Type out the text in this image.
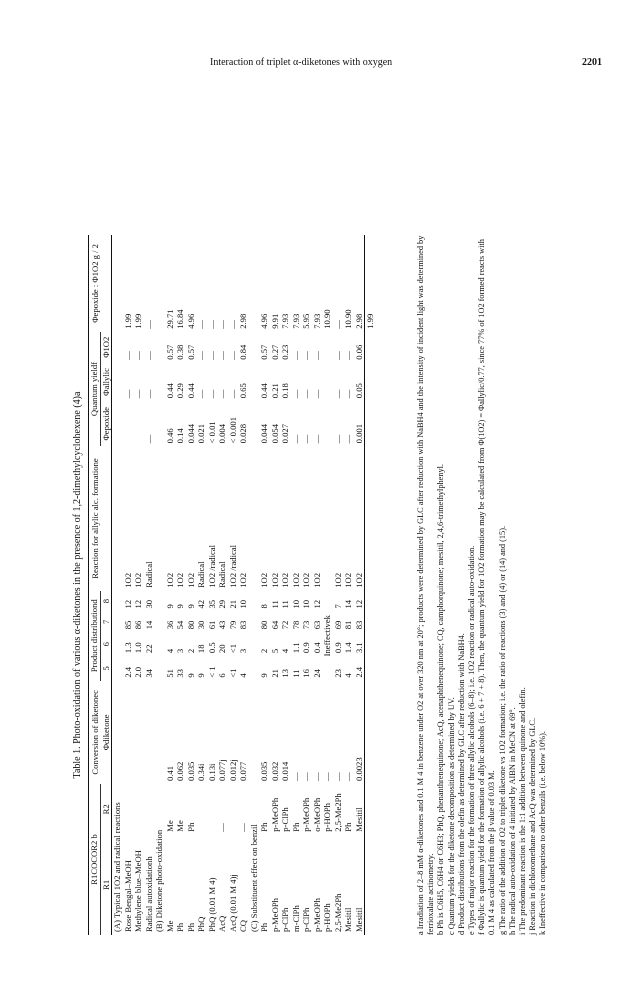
Interaction of triplet α-diketones with oxygen	2201
Table 1. Photo-oxidation of various α-diketones in the presence of 1,2-dimethylcyclohexene (4)a
R1COCOR2 b		Conversion of diketonec	Product distributiond				Reaction for allylic alc. formatione	Quantum yieldf			Φepoxide : Φ1O2 g / 2
R1	R2	Φdiketone	5	6	7	8		Φepoxide	Φallylic	Φ1O2	
(A) Typical 1O2 and radical reactions											
Rose Bengal–MeOH			2.4	1.3	85	12	1O2		—	—	1.99
Methylene blue–MeOH			2.0	1.0	86	12	1O2		—	—	1.99
Radical autoxidationh			34	22	14	30	Radical	—	—	—	—
(B) Diketone photo-oxidation											
Me	Me	0.41	51	4	36	9	1O2	0.46	0.44	0.57	29.71
Ph	Me	0.062	33	3	54	9	1O2	0.14	0.29	0.38	16.84
Ph	Ph	0.035	9	2	80	9	1O2	0.044	0.44	0.57	4.96
PhQ		0.34i	9	18	30	42	Radical	0.021	—	—	—
PhQ (0.01 M 4)		0.13i	< 1	0.5	61	35	1O2 /radical	< 0.01	—	—	—
AcQ	—	0.077j	6	20	43	29	Radical	0.004	—	—	—
AcQ (0.01 M 4)j		0.012j	<1	<1	79	21	1O2 /radical	< 0.001	—	—	—
CQ	—	0.077	4	3	83	10	1O2	0.028	0.65	0.84	2.98
(C) Substituent effect on benzil											
Ph	Ph	0.035	9	2	80	8	1O2	0.044	0.44	0.57	4.96
p-MeOPh	p-MeOPh	0.032	21	5	64	11	1O2	0.054	0.21	0.27	9.91
p-ClPh	p-ClPh	0.014	13	4	72	11	1O2	0.027	0.18	0.23	7.93
m-ClPh	Ph	—	11	1.1	78	10	1O2	—	—	—	7.93
p-ClPh	p-MeOPh	—	16	0.9	73	10	1O2	—	—	—	5.95
p-MeOPh	o-MeOPh	—	24	0.4	63	12	1O2	—	—	—	7.93
p-HOPh	p-HOPh	—	Ineffectivek								10.90
2,5-Me2Ph	2,5-Me2Ph	—	23	0.9	69	7	1O2	—	—	—	—
Mesitil	Ph	—	4	1.4	81	14	1O2	—	—	—	10.90
Mesitil	Mesitil	0.0023	2.4	3.1	83	12	1O2	0.001	0.05	0.06	2.98
											1.99	a Irradiation of 2–8 mM α-diketones and 0.1 M 4 in benzene under O2 at over 320 nm at 20°; products were determined by GLC after reduction with NaBH4 and the intensity of incident light was determined by ferrioxalate actinometry. b Ph is C6H5, C6H4 or C6H3; PhQ, phenanthrenequinone; AcQ, acenaphthenequinone; CQ, camphorquinone; mesitil, 2,4,6-trimethylphenyl. c Quantum yields for the diketone decomposition as determined by UV. d Product distributions from the olefin as determined by GLC after reduction with NaBH4. e Types of major reaction for the formation of three allylic alcohols (6–8); i.e. 1O2 reaction or radical auto-oxidation. f Φallylic is quantum yield for the formation of allylic alcohols (i.e. 6 + 7 + 8). Then, the quantum yield for 1O2 formation may be calculated from Φ(1O2) = Φallylic/0.77, since 77% of 1O2 formed reacts with 0.1 M 4 as calculated from the β value of 0.03 M. g The ratio of the addition of O2 to triplet diketone vs 1O2 formation; i.e. the ratio of reactions (3) and (4) or (14) and (15). h The radical auto-oxidation of 4 initiated by AIBN in MeCN at 69°. i The predominant reaction is the 1:1 addition between quinone and olefin. j Reaction in dichloromethane and AcQ was determined by GLC. k Ineffective in comparison to other benzils (i.e. below 10%).
